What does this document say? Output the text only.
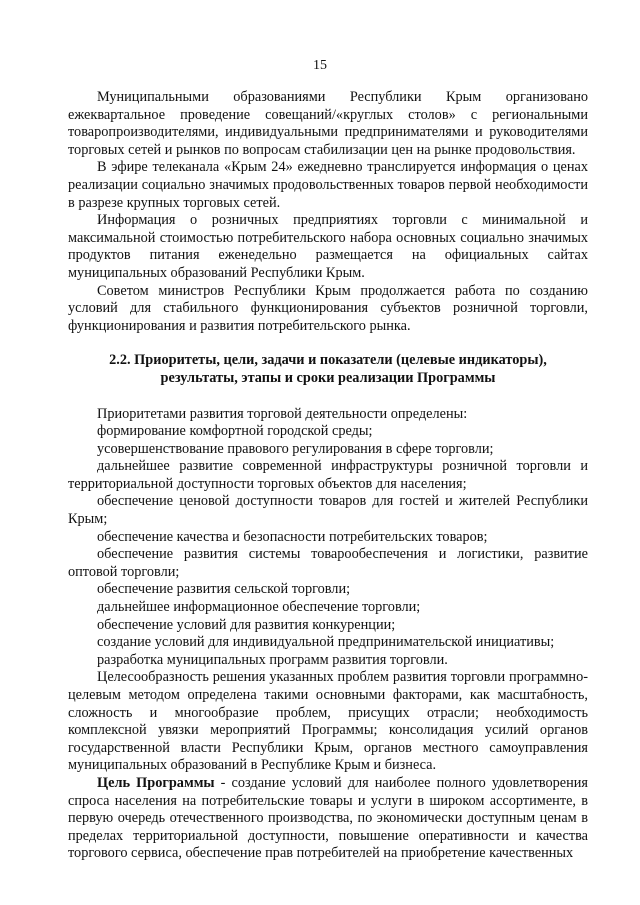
15

Муниципальными образованиями Республики Крым организовано ежеквартальное проведение совещаний/«круглых столов» с региональными товаропроизводителями, индивидуальными предпринимателями и руководителями торговых сетей и рынков по вопросам стабилизации цен на рынке продовольствия.

В эфире телеканала «Крым 24» ежедневно транслируется информация о ценах реализации социально значимых продовольственных товаров первой необходимости в разрезе крупных торговых сетей.

Информация о розничных предприятиях торговли с минимальной и максимальной стоимостью потребительского набора основных социально значимых продуктов питания еженедельно размещается на официальных сайтах муниципальных образований Республики Крым.

Советом министров Республики Крым продолжается работа по созданию условий для стабильного функционирования субъектов розничной торговли, функционирования и развития потребительского рынка.

2.2. Приоритеты, цели, задачи и показатели (целевые индикаторы),
результаты, этапы и сроки реализации Программы

Приоритетами развития торговой деятельности определены:

формирование комфортной городской среды;

усовершенствование правового регулирования в сфере торговли;

дальнейшее развитие современной инфраструктуры розничной торговли и территориальной доступности торговых объектов для населения;

обеспечение ценовой доступности товаров для гостей и жителей Республики Крым;

обеспечение качества и безопасности потребительских товаров;

обеспечение развития системы товарообеспечения и логистики, развитие оптовой торговли;

обеспечение развития сельской торговли;

дальнейшее информационное обеспечение торговли;

обеспечение условий для развития конкуренции;

создание условий для индивидуальной предпринимательской инициативы;

разработка муниципальных программ развития торговли.

Целесообразность решения указанных проблем развития торговли программно-целевым методом определена такими основными факторами, как масштабность, сложность и многообразие проблем, присущих отрасли; необходимость комплексной увязки мероприятий Программы; консолидация усилий органов государственной власти Республики Крым, органов местного самоуправления муниципальных образований в Республике Крым и бизнеса.

Цель Программы - создание условий для наиболее полного удовлетворения спроса населения на потребительские товары и услуги в широком ассортименте, в первую очередь отечественного производства, по экономически доступным ценам в пределах территориальной доступности, повышение оперативности и качества торгового сервиса, обеспечение прав потребителей на приобретение качественных
